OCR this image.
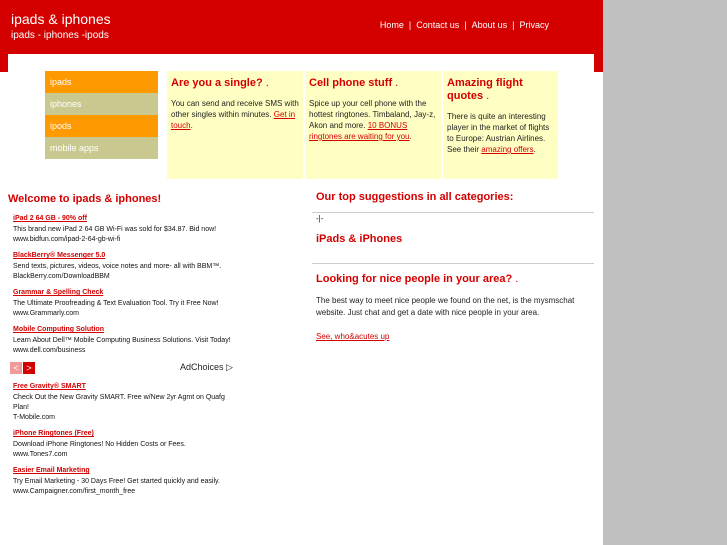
ipads & iphones
ipads - iphones -ipods
Home | Contact us | About us | Privacy
ipads
iphones
ipods
mobile apps
Are you a single? .

You can send and receive SMS with other singles within minutes. Get in touch.

Cell phone stuff .

Spice up your cell phone with the hottest ringtones. Timbaland, Jay-z, Akon and more. 10 BONUS ringtones are waiting for you.

Amazing flight quotes .

There is quite an interesting player in the market of flights to Europe: Austrian Airlines. See their amazing offers.

Welcome to ipads & iphones!
iPad 2 64 GB - 90% off
This brand new iPad 2 64 GB Wi-Fi was sold for $34.87. Bid now!
www.bidfun.com/ipad-2-64-gb-wi-fi
BlackBerry® Messenger 5.0
Send texts, pictures, videos, voice notes and more- all with BBM™.
BlackBerry.com/DownloadBBM
Grammar & Spelling Check
The Ultimate Proofreading & Text Evaluation Tool. Try it Free Now!
www.Grammarly.com
Mobile Computing Solution
Learn About Dell™ Mobile Computing Business Solutions. Visit Today!
www.dell.com/business
< >	AdChoices ▷
Free Gravity® SMART
Check Out the New Gravity SMART. Free w/New 2yr Agmt on Quafg Plan!
T-Mobile.com
iPhone Ringtones (Free)
Download iPhone Ringtones! No Hidden Costs or Fees.
www.Tones7.com
Easier Email Marketing
Try Email Marketing - 30 Days Free! Get started quickly and easily.
www.Campaigner.com/first_month_free
Our top suggestions in all categories:
-|-
iPads & iPhones
Looking for nice people in your area? .
The best way to meet nice people we found on the net, is the mysmschat website. Just chat and get a date with nice people in your area.
See, who&acutes up
